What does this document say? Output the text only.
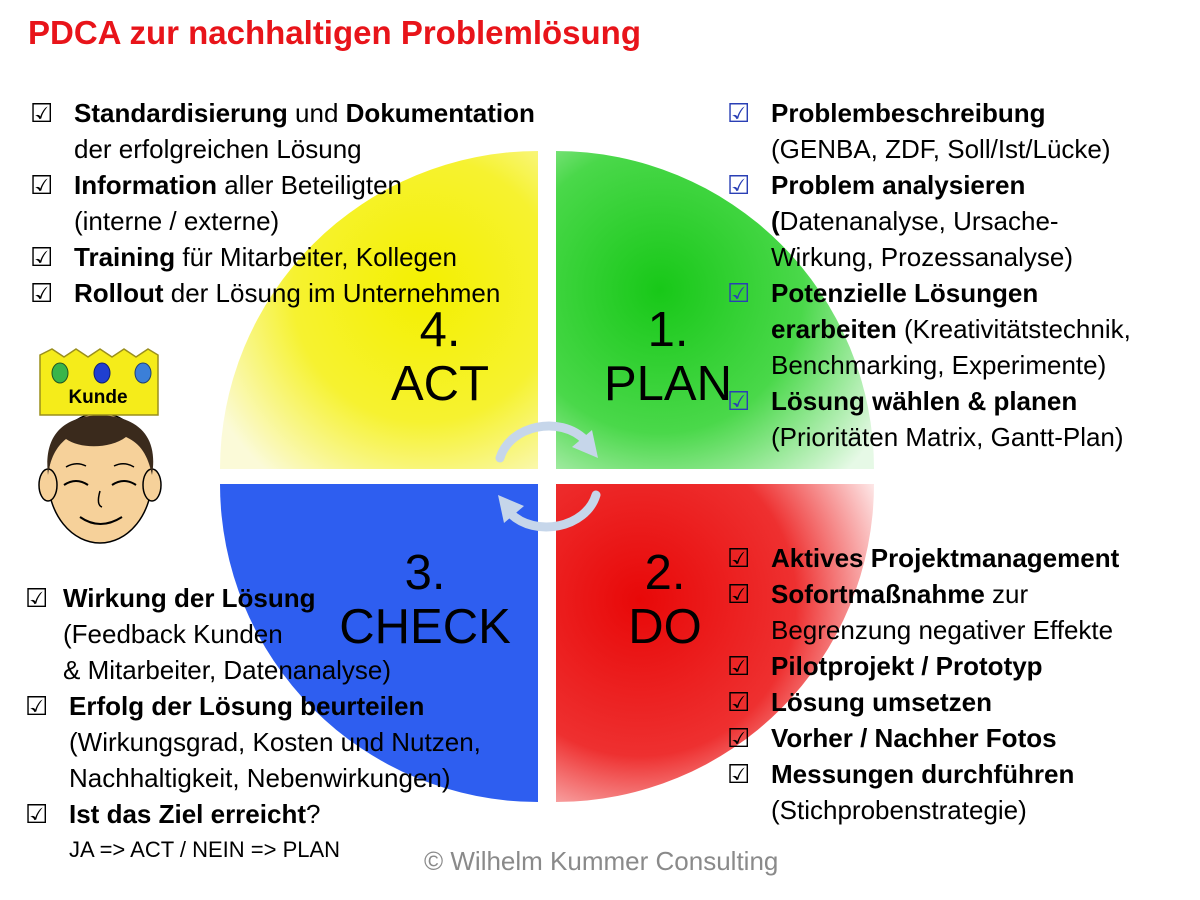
PDCA zur nachhaltigen Problemlösung
4.
ACT
1.
PLAN
3.
CHECK
2.
DO
☑ Standardisierung und Dokumentation
der erfolgreichen Lösung
☑ Information aller Beteiligten
(interne / externe)
☑ Training für Mitarbeiter, Kollegen
☑ Rollout der Lösung im Unternehmen
☑ Problembeschreibung
(GENBA, ZDF, Soll/Ist/Lücke)
☑ Problem analysieren
(Datenanalyse, Ursache-
Wirkung, Prozessanalyse)
☑ Potenzielle Lösungen
erarbeiten (Kreativitätstechnik,
Benchmarking, Experimente)
☑ Lösung wählen & planen
(Prioritäten Matrix, Gantt-Plan)
☑ Wirkung der Lösung
(Feedback Kunden
& Mitarbeiter, Datenanalyse)
☑ Erfolg der Lösung beurteilen
(Wirkungsgrad, Kosten und Nutzen,
Nachhaltigkeit, Nebenwirkungen)
☑ Ist das Ziel erreicht?
JA => ACT / NEIN => PLAN
☑ Aktives Projektmanagement
☑ Sofortmaßnahme zur
Begrenzung negativer Effekte
☑ Pilotprojekt / Prototyp
☑ Lösung umsetzen
☑ Vorher / Nachher Fotos
☑ Messungen durchführen
(Stichprobenstrategie)
Kunde
© Wilhelm Kummer Consulting
